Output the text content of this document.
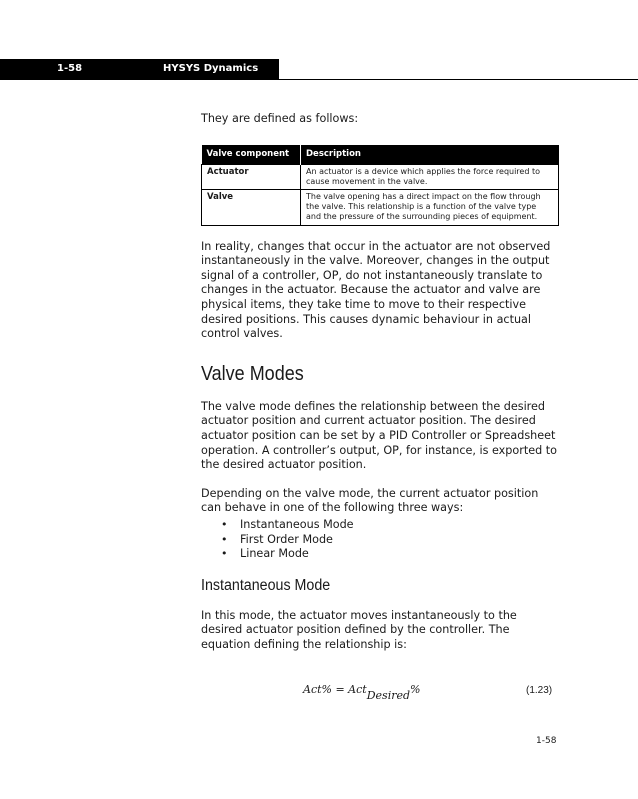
1-58	HYSYS Dynamics

They are defined as follows:

Valve component	Description
Actuator	An actuator is a device which applies the force required to cause movement in the valve.
Valve	The valve opening has a direct impact on the flow through the valve. This relationship is a function of the valve type and the pressure of the surrounding pieces of equipment.

In reality, changes that occur in the actuator are not observed instantaneously in the valve. Moreover, changes in the output signal of a controller, OP, do not instantaneously translate to changes in the actuator. Because the actuator and valve are physical items, they take time to move to their respective desired positions. This causes dynamic behaviour in actual control valves.

Valve Modes

The valve mode defines the relationship between the desired actuator position and current actuator position. The desired actuator position can be set by a PID Controller or Spreadsheet operation. A controller’s output, OP, for instance, is exported to the desired actuator position.

Depending on the valve mode, the current actuator position can behave in one of the following three ways:

• Instantaneous Mode
• First Order Mode
• Linear Mode
Instantaneous Mode

In this mode, the actuator moves instantaneously to the desired actuator position defined by the controller. The equation defining the relationship is:

Act% = ActDesired%	(1.23)
1-58
